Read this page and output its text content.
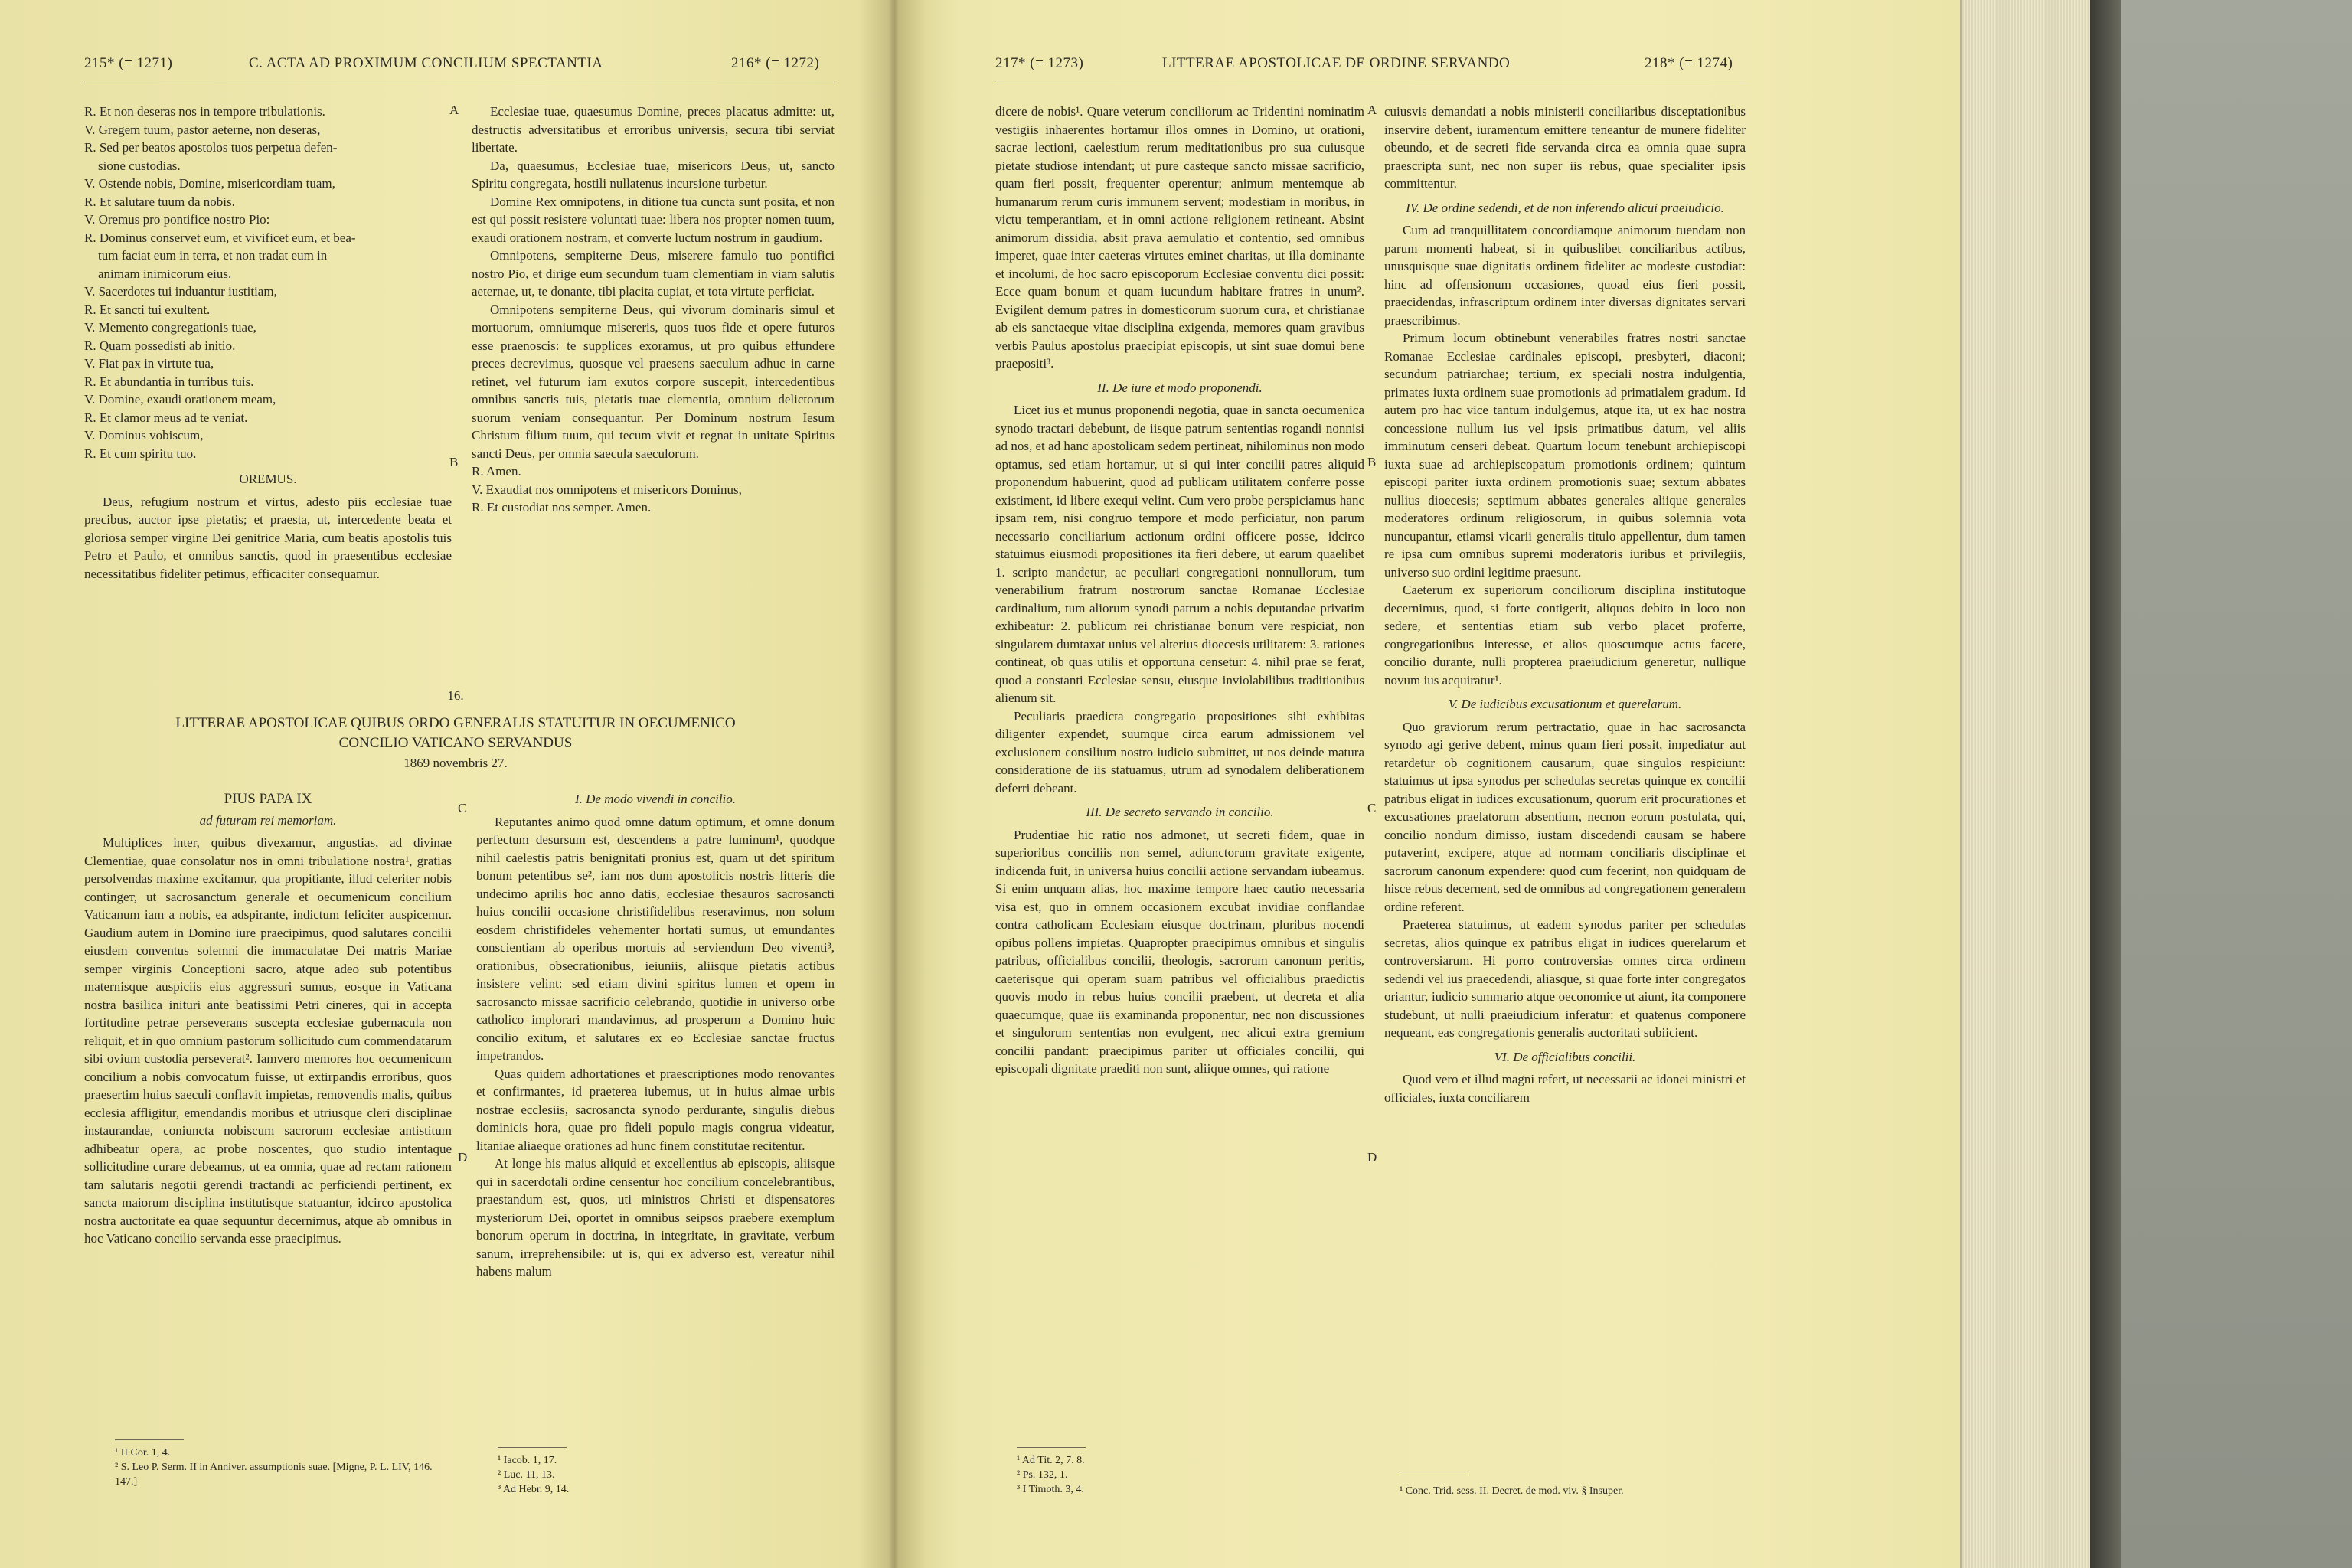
215* (= 1271)	C. ACTA AD PROXIMUM CONCILIUM SPECTANTIA	216* (= 1272)
R. Et non deseras nos in tempore tribulationis.
V. Gregem tuum, pastor aeterne, non deseras,
R. Sed per beatos apostolos tuos perpetua defen-
sione custodias.
V. Ostende nobis, Domine, misericordiam tuam,
R. Et salutare tuum da nobis.
V. Oremus pro pontifice nostro Pio:
R. Dominus conservet eum, et vivificet eum, et bea-
tum faciat eum in terra, et non tradat eum in
animam inimicorum eius.
V. Sacerdotes tui induantur iustitiam,
R. Et sancti tui exultent.
V. Memento congregationis tuae,
R. Quam possedisti ab initio.
V. Fiat pax in virtute tua,
R. Et abundantia in turribus tuis.
V. Domine, exaudi orationem meam,
R. Et clamor meus ad te veniat.
V. Dominus vobiscum,
R. Et cum spiritu tuo.
OREMUS.

Deus, refugium nostrum et virtus, adesto piis ecclesiae tuae precibus, auctor ipse pietatis; et praesta, ut, intercedente beata et gloriosa semper virgine Dei genitrice Maria, cum beatis apostolis tuis Petro et Paulo, et omnibus sanctis, quod in praesentibus ecclesiae necessitatibus fideliter petimus, efficaciter consequamur.

A
B

Ecclesiae tuae, quaesumus Domine, preces placatus admitte: ut, destructis adversitatibus et erroribus universis, secura tibi serviat libertate.

Da, quaesumus, Ecclesiae tuae, misericors Deus, ut, sancto Spiritu congregata, hostili nullatenus incursione turbetur.

Domine Rex omnipotens, in ditione tua cuncta sunt posita, et non est qui possit resistere voluntati tuae: libera nos propter nomen tuum, exaudi orationem nostram, et converte luctum nostrum in gaudium.

Omnipotens, sempiterne Deus, miserere famulo tuo pontifici nostro Pio, et dirige eum secundum tuam clementiam in viam salutis aeternae, ut, te donante, tibi placita cupiat, et tota virtute perficiat.

Omnipotens sempiterne Deus, qui vivorum dominaris simul et mortuorum, omniumque misereris, quos tuos fide et opere futuros esse praenoscis: te supplices exoramus, ut pro quibus effundere preces decrevimus, quosque vel praesens saeculum adhuc in carne retinet, vel futurum iam exutos corpore suscepit, intercedentibus omnibus sanctis tuis, pietatis tuae clementia, omnium delictorum suorum veniam consequantur. Per Dominum nostrum Iesum Christum filium tuum, qui tecum vivit et regnat in unitate Spiritus sancti Deus, per omnia saecula saeculorum.

R. Amen.
V. Exaudiat nos omnipotens et misericors Dominus,
R. Et custodiat nos semper. Amen.
16.
LITTERAE APOSTOLICAE QUIBUS ORDO GENERALIS STATUITUR IN OECUMENICO
CONCILIO VATICANO SERVANDUS
1869 novembris 27.
PIUS PAPA IX
ad futuram rei memoriam.

Multiplices inter, quibus divexamur, angustias, ad divinae Clementiae, quae consolatur nos in omni tribulatione nostra¹, gratias persolvendas maxime excitamur, qua propitiante, illud celeriter nobis contingет, ut sacrosanctum generale et oecumenicum concilium Vaticanum iam a nobis, ea adspirante, indictum feliciter auspicemur. Gaudium autem in Domino iure praecipimus, quod salutares concilii eiusdem conventus solemni die immaculatae Dei matris Mariae semper virginis Conceptioni sacro, atque adeo sub potentibus maternisque auspiciis eius aggressuri sumus, eosque in Vaticana nostra basilica inituri ante beatissimi Petri cineres, qui in accepta fortitudine petrae perseverans suscepta ecclesiae gubernacula non reliquit, et in quo omnium pastorum sollicitudo cum commendatarum sibi ovium custodia perseverat². Iamvero memores hoc oecumenicum concilium a nobis convocatum fuisse, ut extirpandis erroribus, quos praesertim huius saeculi conflavit impietas, removendis malis, quibus ecclesia affligitur, emendandis moribus et utriusque cleri disciplinae instaurandae, coniuncta nobiscum sacrorum ecclesiae antistitum adhibeatur opera, ac probe noscentes, quo studio intentaque sollicitudine curare debeamus, ut ea omnia, quae ad rectam rationem tam salutaris negotii gerendi tractandi ac perficiendi pertinent, ex sancta maiorum disciplina institutisque statuantur, idcirco apostolica nostra auctoritate ea quae sequuntur decernimus, atque ab omnibus in hoc Vaticano concilio servanda esse praecipimus.

C
D
I. De modo vivendi in concilio.

Reputantes animo quod omne datum optimum, et omne donum perfectum desursum est, descendens a patre luminum¹, quodque nihil caelestis patris benignitati pronius est, quam ut det spiritum bonum petentibus se², iam nos dum apostolicis nostris litteris die undecimo aprilis hoc anno datis, ecclesiae thesauros sacrosancti huius concilii occasione christifidelibus reseravimus, non solum eosdem christifideles vehementer hortati sumus, ut emundantes conscientiam ab operibus mortuis ad serviendum Deo viventi³, orationibus, obsecrationibus, ieiuniis, aliisque pietatis actibus insistere velint: sed etiam divini spiritus lumen et opem in sacrosancto missae sacrificio celebrando, quotidie in universo orbe catholico implorari mandavimus, ad prosperum a Domino huic concilio exitum, et salutares ex eo Ecclesiae sanctae fructus impetrandos.

Quas quidem adhortationes et praescriptiones modo renovantes et confirmantes, id praeterea iubemus, ut in huius almae urbis nostrae ecclesiis, sacrosancta synodo perdurante, singulis diebus dominicis hora, quae pro fideli populo magis congrua videatur, litaniae aliaeque orationes ad hunc finem constitutae recitentur.

At longe his maius aliquid et excellentius ab episcopis, aliisque qui in sacerdotali ordine censentur hoc concilium concelebrantibus, praestandum est, quos, uti ministros Christi et dispensatores mysteriorum Dei, oportet in omnibus seipsos praebere exemplum bonorum operum in doctrina, in integritate, in gravitate, verbum sanum, irreprehensibile: ut is, qui ex adverso est, vereatur nihil habens malum

¹ II Cor. 1, 4.
² S. Leo P. Serm. II in Anniver. assumptionis suae. [Migne, P. L. LIV, 146. 147.]
¹ Iacob. 1, 17.
² Luc. 11, 13.
³ Ad Hebr. 9, 14.
217* (= 1273)	LITTERAE APOSTOLICAE DE ORDINE SERVANDO	218* (= 1274)

dicere de nobis¹. Quare veterum conciliorum ac Tridentini nominatim vestigiis inhaerentes hortamur illos omnes in Domino, ut orationi, sacrae lectioni, caelestium rerum meditationibus pro sua cuiusque pietate studiose intendant; ut pure casteque sancto missae sacrificio, quam fieri possit, frequenter operentur; animum mentemque ab humanarum rerum curis immunem servent; modestiam in moribus, in victu temperantiam, et in omni actione religionem retineant. Absint animorum dissidia, absit prava aemulatio et contentio, sed omnibus imperet, quae inter caeteras virtutes eminet charitas, ut illa dominante et incolumi, de hoc sacro episcoporum Ecclesiae conventu dici possit: Ecce quam bonum et quam iucundum habitare fratres in unum². Evigilent demum patres in domesticorum suorum cura, et christianae ab eis sanctaeque vitae disciplina exigenda, memores quam gravibus verbis Paulus apostolus praecipiat episcopis, ut sint suae domui bene praepositi³.

II. De iure et modo proponendi.

Licet ius et munus proponendi negotia, quae in sancta oecumenica synodo tractari debebunt, de iisque patrum sententias rogandi nonnisi ad nos, et ad hanc apostolicam sedem pertineat, nihilominus non modo optamus, sed etiam hortamur, ut si qui inter concilii patres aliquid proponendum habuerint, quod ad publicam utilitatem conferre posse existiment, id libere exequi velint. Cum vero probe perspiciamus hanc ipsam rem, nisi congruo tempore et modo perficiatur, non parum necessario conciliarium actionum ordini officere posse, idcirco statuimus eiusmodi propositiones ita fieri debere, ut earum quaelibet 1. scripto mandetur, ac peculiari congregationi nonnullorum, tum venerabilium fratrum nostrorum sanctae Romanae Ecclesiae cardinalium, tum aliorum synodi patrum a nobis deputandae privatim exhibeatur: 2. publicum rei christianae bonum vere respiciat, non singularem dumtaxat unius vel alterius dioecesis utilitatem: 3. rationes contineat, ob quas utilis et opportuna censetur: 4. nihil prae se ferat, quod a constanti Ecclesiae sensu, eiusque inviolabilibus traditionibus alienum sit.

Peculiaris praedicta congregatio propositiones sibi exhibitas diligenter expendet, suumque circa earum admissionem vel exclusionem consilium nostro iudicio submittet, ut nos deinde matura consideratione de iis statuamus, utrum ad synodalem deliberationem deferri debeant.

III. De secreto servando in concilio.

Prudentiae hic ratio nos admonet, ut secreti fidem, quae in superioribus conciliis non semel, adiunctorum gravitate exigente, indicenda fuit, in universa huius concilii actione servandam iubeamus. Si enim unquam alias, hoc maxime tempore haec cautio necessaria visa est, quo in omnem occasionem excubat invidiae conflandae contra catholicam Ecclesiam eiusque doctrinam, pluribus nocendi opibus pollens impietas. Quapropter praecipimus omnibus et singulis patribus, officialibus concilii, theologis, sacrorum canonum peritis, caeterisque qui operam suam patribus vel officialibus praedictis quovis modo in rebus huius concilii praebent, ut decreta et alia quaecumque, quae iis examinanda proponentur, nec non discussiones et singulorum sententias non evulgent, nec alicui extra gremium concilii pandant: praecipimus pariter ut officiales concilii, qui episcopali dignitate praediti non sunt, aliique omnes, qui ratione

A
B
C
D

cuiusvis demandati a nobis ministerii conciliaribus disceptationibus inservire debent, iuramentum emittere teneantur de munere fideliter obeundo, et de secreti fide servanda circa ea omnia quae supra praescripta sunt, nec non super iis rebus, quae specialiter ipsis committentur.

IV. De ordine sedendi, et de non inferendo alicui praeiudicio.

Cum ad tranquillitatem concordiamque animorum tuendam non parum momenti habeat, si in quibuslibet conciliaribus actibus, unusquisque suae dignitatis ordinem fideliter ac modeste custodiat: hinc ad offensionum occasiones, quoad eius fieri possit, praecidendas, infrascriptum ordinem inter diversas dignitates servari praescribimus.

Primum locum obtinebunt venerabiles fratres nostri sanctae Romanae Ecclesiae cardinales episcopi, presbyteri, diaconi; secundum patriarchae; tertium, ex speciali nostra indulgentia, primates iuxta ordinem suae promotionis ad primatialem gradum. Id autem pro hac vice tantum indulgemus, atque ita, ut ex hac nostra concessione nullum ius vel ipsis primatibus datum, vel aliis imminutum censeri debeat. Quartum locum tenebunt archiepiscopi iuxta suae ad archiepiscopatum promotionis ordinem; quintum episcopi pariter iuxta ordinem promotionis suae; sextum abbates nullius dioecesis; septimum abbates generales aliique generales moderatores ordinum religiosorum, in quibus solemnia vota nuncupantur, etiamsi vicarii generalis titulo appellentur, dum tamen re ipsa cum omnibus supremi moderatoris iuribus et privilegiis, universo suo ordini legitime praesunt.

Caeterum ex superiorum conciliorum disciplina institutoque decernimus, quod, si forte contigerit, aliquos debito in loco non sedere, et sententias etiam sub verbo placet proferre, congregationibus interesse, et alios quoscumque actus facere, concilio durante, nulli propterea praeiudicium generetur, nullique novum ius acquiratur¹.

V. De iudicibus excusationum et querelarum.

Quo graviorum rerum pertractatio, quae in hac sacrosancta synodo agi gerive debent, minus quam fieri possit, impediatur aut retardetur ob cognitionem causarum, quae singulos respiciunt: statuimus ut ipsa synodus per schedulas secretas quinque ex concilii patribus eligat in iudices excusationum, quorum erit procurationes et excusationes praelatorum absentium, necnon eorum postulata, qui, concilio nondum dimisso, iustam discedendi causam se habere putaverint, excipere, atque ad normam conciliaris disciplinae et sacrorum canonum expendere: quod cum fecerint, non quidquam de hisce rebus decernent, sed de omnibus ad congregationem generalem ordine referent.

Praeterea statuimus, ut eadem synodus pariter per schedulas secretas, alios quinque ex patribus eligat in iudices querelarum et controversiarum. Hi porro controversias omnes circa ordinem sedendi vel ius praecedendi, aliasque, si quae forte inter congregatos oriantur, iudicio summario atque oeconomice ut aiunt, ita componere studebunt, ut nulli praeiudicium inferatur: et quatenus componere nequeant, eas congregationis generalis auctoritati subiicient.

VI. De officialibus concilii.

Quod vero et illud magni refert, ut necessarii ac idonei ministri et officiales, iuxta conciliarem

¹ Ad Tit. 2, 7. 8.
² Ps. 132, 1.
³ I Timoth. 3, 4.	¹ Conc. Trid. sess. II. Decret. de mod. viv. § Insuper.
